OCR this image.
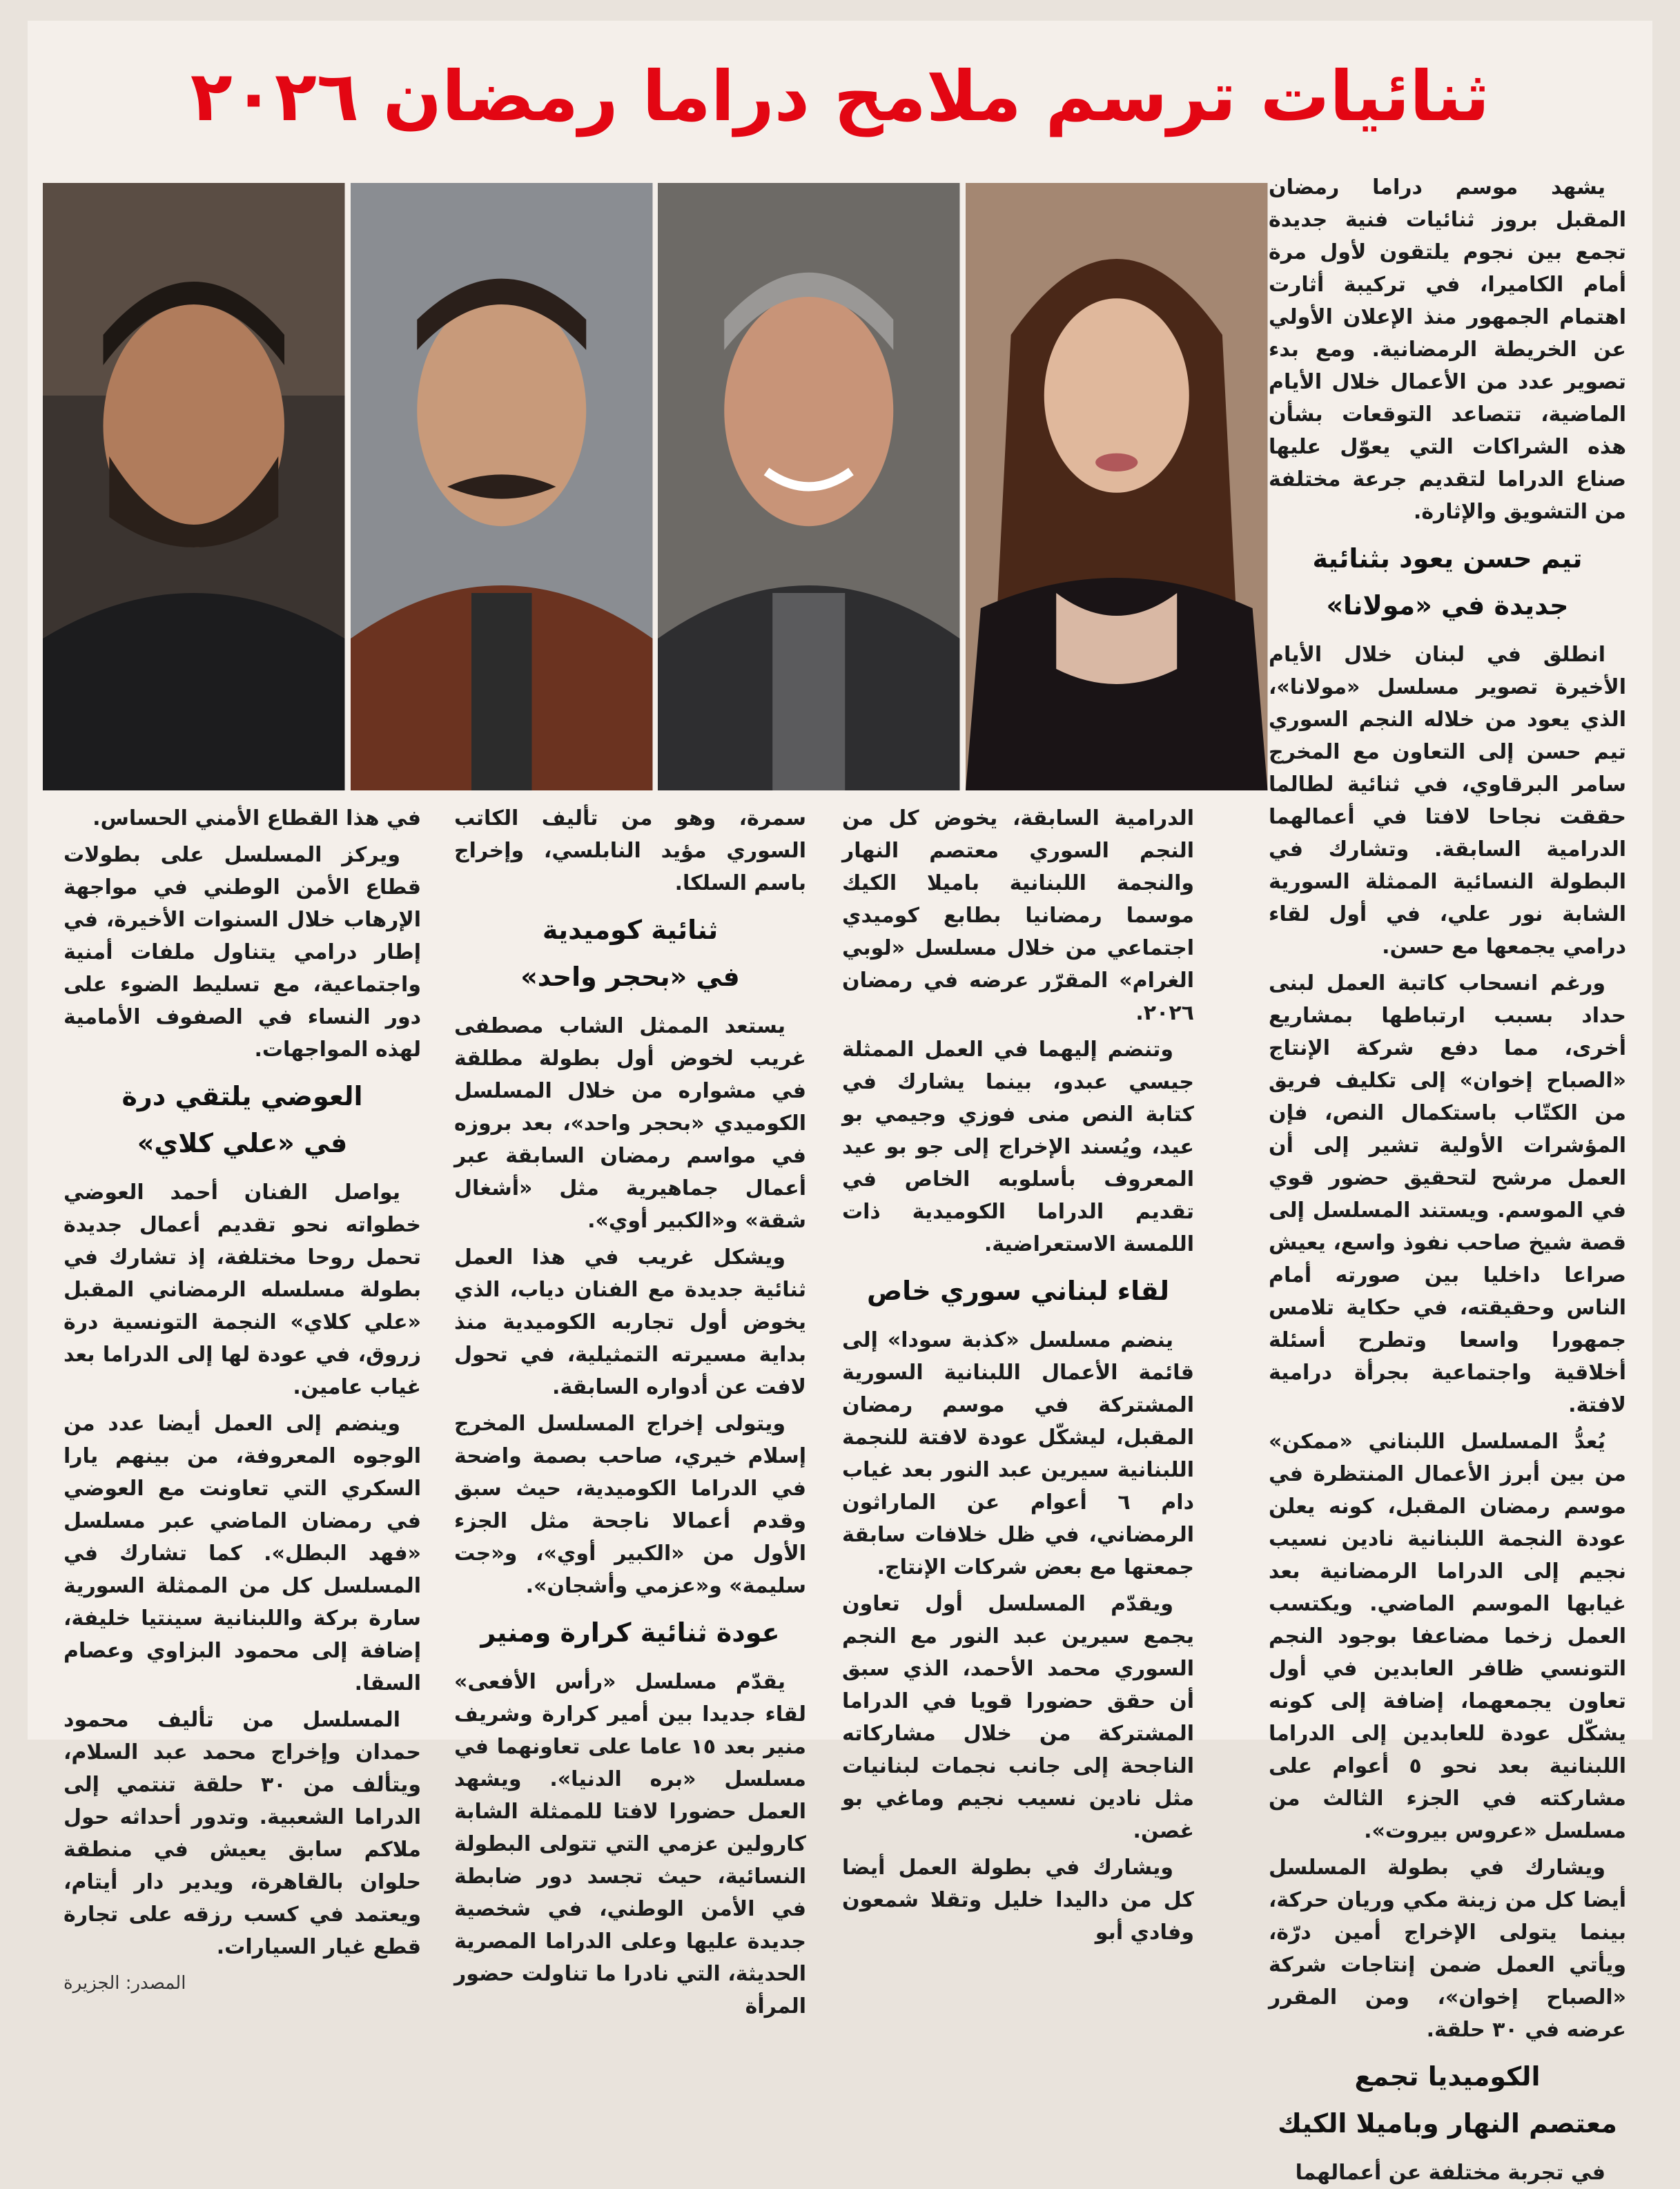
ثنائيات ترسم ملامح دراما رمضان ٢٠٢٦

يشهد موسم دراما رمضان المقبل بروز ثنائيات فنية جديدة تجمع بين نجوم يلتقون لأول مرة أمام الكاميرا، في تركيبة أثارت اهتمام الجمهور منذ الإعلان الأولي عن الخريطة الرمضانية. ومع بدء تصوير عدد من الأعمال خلال الأيام الماضية، تتصاعد التوقعات بشأن هذه الشراكات التي يعوّل عليها صناع الدراما لتقديم جرعة مختلفة من التشويق والإثارة.

تيم حسن يعود بثنائية
جديدة في «مولانا»

انطلق في لبنان خلال الأيام الأخيرة تصوير مسلسل «مولانا»، الذي يعود من خلاله النجم السوري تيم حسن إلى التعاون مع المخرج سامر البرقاوي، في ثنائية لطالما حققت نجاحا لافتا في أعمالهما الدرامية السابقة. وتشارك في البطولة النسائية الممثلة السورية الشابة نور علي، في أول لقاء درامي يجمعها مع حسن.

ورغم انسحاب كاتبة العمل لبنى حداد بسبب ارتباطها بمشاريع أخرى، مما دفع شركة الإنتاج «الصباح إخوان» إلى تكليف فريق من الكتّاب باستكمال النص، فإن المؤشرات الأولية تشير إلى أن العمل مرشح لتحقيق حضور قوي في الموسم. ويستند المسلسل إلى قصة شيخ صاحب نفوذ واسع، يعيش صراعا داخليا بين صورته أمام الناس وحقيقته، في حكاية تلامس جمهورا واسعا وتطرح أسئلة أخلاقية واجتماعية بجرأة درامية لافتة.

يُعدُّ المسلسل اللبناني «ممكن» من بين أبرز الأعمال المنتظرة في موسم رمضان المقبل، كونه يعلن عودة النجمة اللبنانية نادين نسيب نجيم إلى الدراما الرمضانية بعد غيابها الموسم الماضي. ويكتسب العمل زخما مضاعفا بوجود النجم التونسي ظافر العابدين في أول تعاون يجمعهما، إضافة إلى كونه يشكّل عودة للعابدين إلى الدراما اللبنانية بعد نحو ٥ أعوام على مشاركته في الجزء الثالث من مسلسل «عروس بيروت».

ويشارك في بطولة المسلسل أيضا كل من زينة مكي وريان حركة، بينما يتولى الإخراج أمين درّة، ويأتي العمل ضمن إنتاجات شركة «الصباح إخوان»، ومن المقرر عرضه في ٣٠ حلقة.

الكوميديا تجمع
معتصم النهار وباميلا الكيك

في تجربة مختلفة عن أعمالهما

الدرامية السابقة، يخوض كل من النجم السوري معتصم النهار والنجمة اللبنانية باميلا الكيك موسما رمضانيا بطابع كوميدي اجتماعي من خلال مسلسل «لوبي الغرام» المقرّر عرضه في رمضان ٢٠٢٦.

وتنضم إليهما في العمل الممثلة جيسي عبدو، بينما يشارك في كتابة النص منى فوزي وجيمي بو عيد، ويُسند الإخراج إلى جو بو عيد المعروف بأسلوبه الخاص في تقديم الدراما الكوميدية ذات اللمسة الاستعراضية.

لقاء لبناني سوري خاص

ينضم مسلسل «كذبة سودا» إلى قائمة الأعمال اللبنانية السورية المشتركة في موسم رمضان المقبل، ليشكّل عودة لافتة للنجمة اللبنانية سيرين عبد النور بعد غياب دام ٦ أعوام عن الماراثون الرمضاني، في ظل خلافات سابقة جمعتها مع بعض شركات الإنتاج.

ويقدّم المسلسل أول تعاون يجمع سيرين عبد النور مع النجم السوري محمد الأحمد، الذي سبق أن حقق حضورا قويا في الدراما المشتركة من خلال مشاركاته الناجحة إلى جانب نجمات لبنانيات مثل نادين نسيب نجيم وماغي بو غصن.

ويشارك في بطولة العمل أيضا كل من داليدا خليل وتقلا شمعون وفادي أبو

سمرة، وهو من تأليف الكاتب السوري مؤيد النابلسي، وإخراج باسم السلكا.

ثنائية كوميدية
في «بحجر واحد»

يستعد الممثل الشاب مصطفى غريب لخوض أول بطولة مطلقة في مشواره من خلال المسلسل الكوميدي «بحجر واحد»، بعد بروزه في مواسم رمضان السابقة عبر أعمال جماهيرية مثل «أشغال شقة» و«الكبير أوي».

ويشكل غريب في هذا العمل ثنائية جديدة مع الفنان دياب، الذي يخوض أول تجاربه الكوميدية منذ بداية مسيرته التمثيلية، في تحول لافت عن أدواره السابقة.

ويتولى إخراج المسلسل المخرج إسلام خيري، صاحب بصمة واضحة في الدراما الكوميدية، حيث سبق وقدم أعمالا ناجحة مثل الجزء الأول من «الكبير أوي»، و«جت سليمة» و«عزمي وأشجان».

عودة ثنائية كرارة ومنير

يقدّم مسلسل «رأس الأفعى» لقاء جديدا بين أمير كرارة وشريف منير بعد ١٥ عاما على تعاونهما في مسلسل «بره الدنيا». ويشهد العمل حضورا لافتا للممثلة الشابة كارولين عزمي التي تتولى البطولة النسائية، حيث تجسد دور ضابطة في الأمن الوطني، في شخصية جديدة عليها وعلى الدراما المصرية الحديثة، التي نادرا ما تناولت حضور المرأة

في هذا القطاع الأمني الحساس.

ويركز المسلسل على بطولات قطاع الأمن الوطني في مواجهة الإرهاب خلال السنوات الأخيرة، في إطار درامي يتناول ملفات أمنية واجتماعية، مع تسليط الضوء على دور النساء في الصفوف الأمامية لهذه المواجهات.

العوضي يلتقي درة
في «علي كلاي»

يواصل الفنان أحمد العوضي خطواته نحو تقديم أعمال جديدة تحمل روحا مختلفة، إذ تشارك في بطولة مسلسله الرمضاني المقبل «علي كلاي» النجمة التونسية درة زروق، في عودة لها إلى الدراما بعد غياب عامين.

وينضم إلى العمل أيضا عدد من الوجوه المعروفة، من بينهم يارا السكري التي تعاونت مع العوضي في رمضان الماضي عبر مسلسل «فهد البطل». كما تشارك في المسلسل كل من الممثلة السورية سارة بركة واللبنانية سينتيا خليفة، إضافة إلى محمود البزاوي وعصام السقا.

المسلسل من تأليف محمود حمدان وإخراج محمد عبد السلام، ويتألف من ٣٠ حلقة تنتمي إلى الدراما الشعبية. وتدور أحداثه حول ملاكم سابق يعيش في منطقة حلوان بالقاهرة، ويدير دار أيتام، ويعتمد في كسب رزقه على تجارة قطع غيار السيارات.

المصدر: الجزيرة
